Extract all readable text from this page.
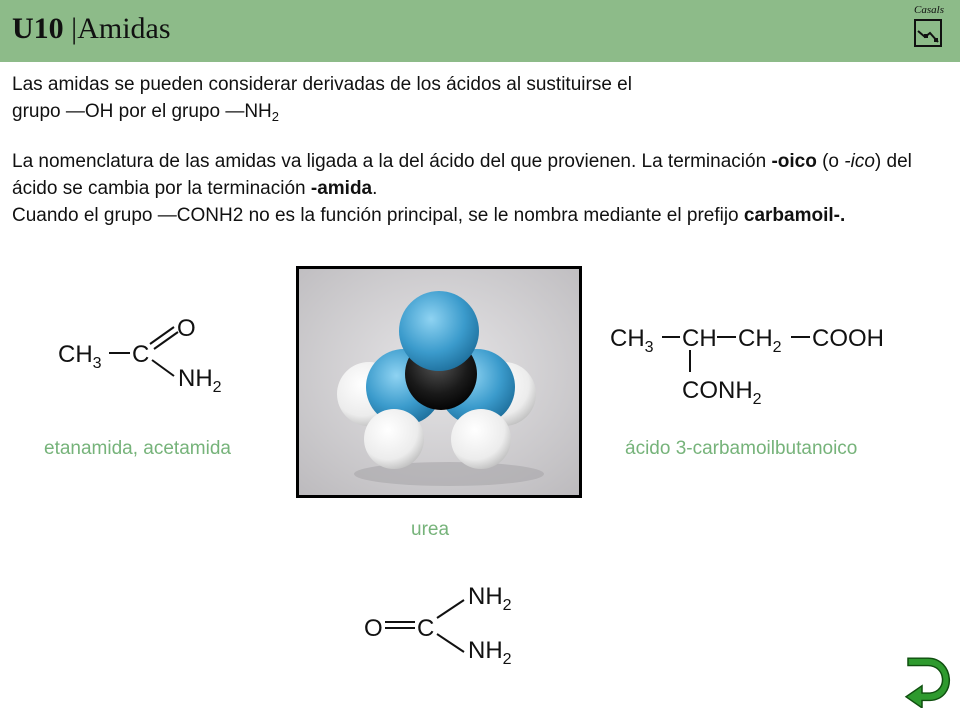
U10 |Amidas
Casals
Las amidas se pueden considerar derivadas de los ácidos al sustituirse el
grupo —OH por el grupo $—NH_2$
La nomenclatura de las amidas va ligada a la del ácido del que provienen. La terminación -oico (o -ico) del ácido se cambia por la terminación -amida.
Cuando el grupo —CONH2 no es la función principal, se le nombra mediante el prefijo carbamoil-.
$CH_3$ C
O
$NH_2$
etanamida, acetamida
$CH_3$ CH $CH_2$ COOH
$CONH_2$
ácido 3-carbamoilbutanoico
urea
O C
$NH_2$
$NH_2$
